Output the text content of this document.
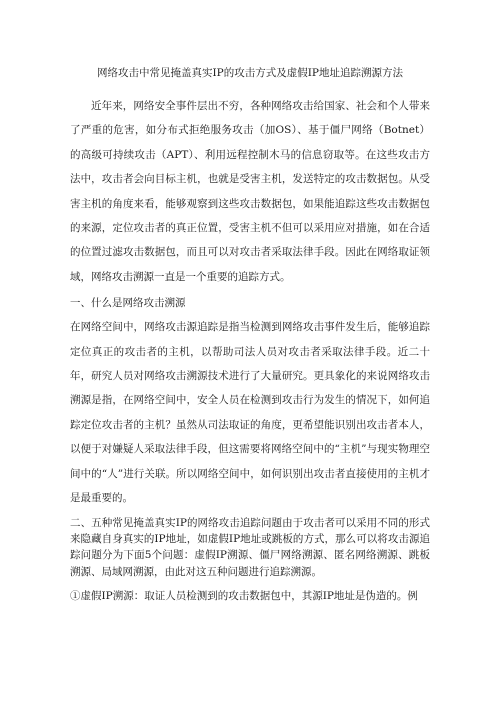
网络攻击中常见掩盖真实IP的攻击方式及虚假IP地址追踪溯源方法

近年来，网络安全事件层出不穷，各种网络攻击给国家、社会和个人带来了严重的危害，如分布式拒绝服务攻击（加OS）、基于僵尸网络（Botnet）的高级可持续攻击（APT）、利用远程控制木马的信息窃取等。在这些攻击方法中，攻击者会向目标主机，也就是受害主机，发送特定的攻击数据包。从受害主机的角度来看，能够观察到这些攻击数据包，如果能追踪这些攻击数据包的来源，定位攻击者的真正位置，受害主机不但可以采用应对措施，如在合适的位置过滤攻击数据包，而且可以对攻击者采取法律手段。因此在网络取证领域，网络攻击溯源一直是一个重要的追踪方式。

一、什么是网络攻击溯源

在网络空间中，网络攻击源追踪是指当检测到网络攻击事件发生后，能够追踪定位真正的攻击者的主机，以帮助司法人员对攻击者采取法律手段。近二十年，研究人员对网络攻击溯源技术进行了大量研究。更具象化的来说网络攻击溯源是指，在网络空间中，安全人员在检测到攻击行为发生的情况下，如何追踪定位攻击者的主机？虽然从司法取证的角度，更希望能识别出攻击者本人，以便于对嫌疑人采取法律手段，但这需要将网络空间中的“主机”与现实物理空间中的“人”进行关联。所以网络空间中，如何识别出攻击者直接使用的主机才是最重要的。

二、五种常见掩盖真实IP的网络攻击追踪问题由于攻击者可以采用不同的形式来隐藏自身真实的IP地址，如虚假IP地址或跳板的方式，那么可以将攻击源追踪问题分为下面5个问题：虚假IP溯源、僵尸网络溯源、匿名网络溯源、跳板溯源、局域网溯源，由此对这五种问题进行追踪溯源。

①虚假IP溯源：取证人员检测到的攻击数据包中，其源IP地址是伪造的。例
